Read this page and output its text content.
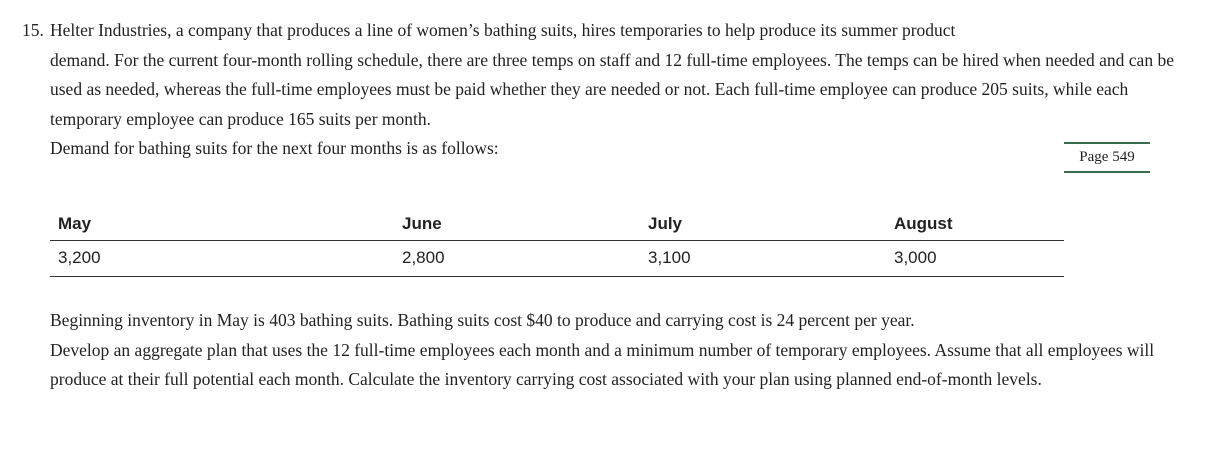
15. Helter Industries, a company that produces a line of women’s bathing suits, hires temporaries to help produce its summer product
demand. For the current four-month rolling schedule, there are three temps on staff and 12 full-time employees. The temps can be hired when needed and can be used as needed, whereas the full-time employees must be paid whether they are needed or not. Each full-time employee can produce 205 suits, while each temporary employee can produce 165 suits per month.
Demand for bathing suits for the next four months is as follows:	Page 549
May	June	July	August
3,200	2,800	3,100	3,000
Beginning inventory in May is 403 bathing suits. Bathing suits cost $40 to produce and carrying cost is 24 percent per year.
Develop an aggregate plan that uses the 12 full-time employees each month and a minimum number of temporary employees. Assume that all employees will produce at their full potential each month. Calculate the inventory carrying cost associated with your plan using planned end-of-month levels.
